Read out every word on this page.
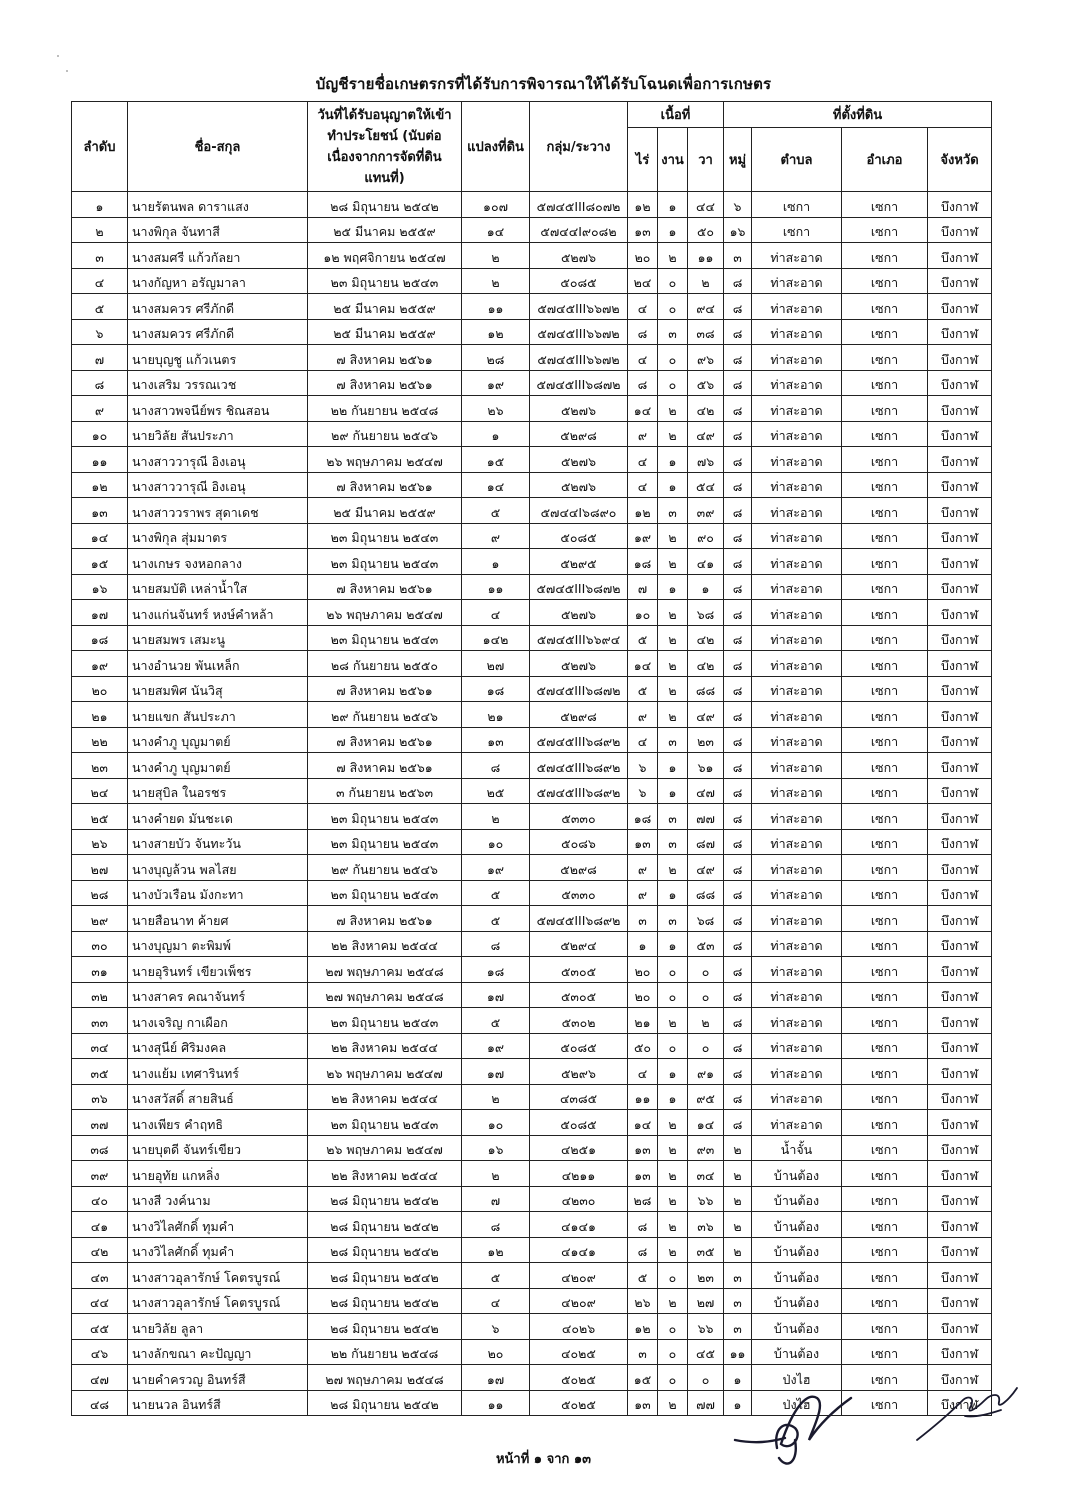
บัญชีรายชื่อเกษตรกรที่ได้รับการพิจารณาให้ได้รับโฉนดเพื่อการเกษตร
ลำดับ	ชื่อ-สกุล	วันที่ได้รับอนุญาตให้เข้าทำประโยชน์ (นับต่อเนื่องจากการจัดที่ดินแทนที่)	แปลงที่ดิน	กลุ่ม/ระวาง	เนื้อที่			ที่ตั้งที่ดิน			
					ไร่	งาน	วา	หมู่	ตำบล	อำเภอ	จังหวัด
๑	นายรัตนพล ดาราแสง	๒๘ มิถุนายน ๒๕๔๒	๑๐๗	๕๗๔๕III๘๐๗๒	๑๒	๑	๔๔	๖	เซกา	เซกา	บึงกาฬ
๒	นางพิกุล จันทาสี	๒๕ มีนาคม ๒๕๕๙	๑๔	๕๗๔๔I๙๐๘๒	๑๓	๑	๕๐	๑๖	เซกา	เซกา	บึงกาฬ
๓	นางสมศรี แก้วกัลยา	๑๒ พฤศจิกายน ๒๕๔๗	๒	๕๒๗๖	๒๐	๒	๑๑	๓	ท่าสะอาด	เซกา	บึงกาฬ
๔	นางกัญหา อรัญมาลา	๒๓ มิถุนายน ๒๕๔๓	๒	๕๐๘๕	๒๔	๐	๒	๘	ท่าสะอาด	เซกา	บึงกาฬ
๕	นางสมควร ศรีภักดี	๒๕ มีนาคม ๒๕๕๙	๑๑	๕๗๔๕III๖๖๗๒	๔	๐	๙๔	๘	ท่าสะอาด	เซกา	บึงกาฬ
๖	นางสมควร ศรีภักดี	๒๕ มีนาคม ๒๕๕๙	๑๒	๕๗๔๕III๖๖๗๒	๘	๓	๓๘	๘	ท่าสะอาด	เซกา	บึงกาฬ
๗	นายบุญชู แก้วเนตร	๗ สิงหาคม ๒๕๖๑	๒๘	๕๗๔๕III๖๖๗๒	๔	๐	๙๖	๘	ท่าสะอาด	เซกา	บึงกาฬ
๘	นางเสริม วรรณเวช	๗ สิงหาคม ๒๕๖๑	๑๙	๕๗๔๕III๖๘๗๒	๘	๐	๕๖	๘	ท่าสะอาด	เซกา	บึงกาฬ
๙	นางสาวพจนีย์พร ชิณสอน	๒๒ กันยายน ๒๕๔๘	๒๖	๕๒๗๖	๑๔	๒	๔๒	๘	ท่าสะอาด	เซกา	บึงกาฬ
๑๐	นายวิลัย สันประภา	๒๙ กันยายน ๒๕๔๖	๑	๕๒๙๘	๙	๒	๔๙	๘	ท่าสะอาด	เซกา	บึงกาฬ
๑๑	นางสาววารุณี อิงเอนุ	๒๖ พฤษภาคม ๒๕๔๗	๑๕	๕๒๗๖	๔	๑	๗๖	๘	ท่าสะอาด	เซกา	บึงกาฬ
๑๒	นางสาววารุณี อิงเอนุ	๗ สิงหาคม ๒๕๖๑	๑๔	๕๒๗๖	๔	๑	๕๔	๘	ท่าสะอาด	เซกา	บึงกาฬ
๑๓	นางสาววราพร สุดาเดช	๒๕ มีนาคม ๒๕๕๙	๕	๕๗๔๔I๖๘๙๐	๑๒	๓	๓๙	๘	ท่าสะอาด	เซกา	บึงกาฬ
๑๔	นางพิกุล สุ่มมาตร	๒๓ มิถุนายน ๒๕๔๓	๙	๕๐๘๕	๑๙	๒	๙๐	๘	ท่าสะอาด	เซกา	บึงกาฬ
๑๕	นางเกษร จงหอกลาง	๒๓ มิถุนายน ๒๕๔๓	๑	๕๒๙๕	๑๘	๒	๔๑	๘	ท่าสะอาด	เซกา	บึงกาฬ
๑๖	นายสมบัติ เหล่าน้ำใส	๗ สิงหาคม ๒๕๖๑	๑๑	๕๗๔๕III๖๘๗๒	๗	๑	๑	๘	ท่าสะอาด	เซกา	บึงกาฬ
๑๗	นางแก่นจันทร์ หงษ์คำหล้า	๒๖ พฤษภาคม ๒๕๔๗	๔	๕๒๗๖	๑๐	๒	๖๘	๘	ท่าสะอาด	เซกา	บึงกาฬ
๑๘	นายสมพร เสมะนู	๒๓ มิถุนายน ๒๕๔๓	๑๔๒	๕๗๔๕III๖๖๙๔	๕	๒	๔๒	๘	ท่าสะอาด	เซกา	บึงกาฬ
๑๙	นางอำนวย พันเหล็ก	๒๘ กันยายน ๒๕๕๐	๒๗	๕๒๗๖	๑๔	๒	๔๒	๘	ท่าสะอาด	เซกา	บึงกาฬ
๒๐	นายสมพิศ นันวิสุ	๗ สิงหาคม ๒๕๖๑	๑๘	๕๗๔๕III๖๘๗๒	๕	๒	๘๘	๘	ท่าสะอาด	เซกา	บึงกาฬ
๒๑	นายแขก สันประภา	๒๙ กันยายน ๒๕๔๖	๒๑	๕๒๙๘	๙	๒	๔๙	๘	ท่าสะอาด	เซกา	บึงกาฬ
๒๒	นางคำภู บุญมาตย์	๗ สิงหาคม ๒๕๖๑	๑๓	๕๗๔๕III๖๘๙๒	๔	๓	๒๓	๘	ท่าสะอาด	เซกา	บึงกาฬ
๒๓	นางคำภู บุญมาตย์	๗ สิงหาคม ๒๕๖๑	๘	๕๗๔๕III๖๘๙๒	๖	๑	๖๑	๘	ท่าสะอาด	เซกา	บึงกาฬ
๒๔	นายสุบิล ในอรชร	๓ กันยายน ๒๕๖๓	๒๕	๕๗๔๕III๖๘๙๒	๖	๑	๔๗	๘	ท่าสะอาด	เซกา	บึงกาฬ
๒๕	นางคำยด มันชะเด	๒๓ มิถุนายน ๒๕๔๓	๒	๕๓๓๐	๑๘	๓	๗๗	๘	ท่าสะอาด	เซกา	บึงกาฬ
๒๖	นางสายบัว จันทะวัน	๒๓ มิถุนายน ๒๕๔๓	๑๐	๕๐๘๖	๑๓	๓	๘๗	๘	ท่าสะอาด	เซกา	บึงกาฬ
๒๗	นางบุญล้วน พลไสย	๒๙ กันยายน ๒๕๔๖	๑๙	๕๒๙๘	๙	๒	๔๙	๘	ท่าสะอาด	เซกา	บึงกาฬ
๒๘	นางบัวเรือน มังกะทา	๒๓ มิถุนายน ๒๕๔๓	๕	๕๓๓๐	๙	๑	๘๘	๘	ท่าสะอาด	เซกา	บึงกาฬ
๒๙	นายสือนาท ค้ายศ	๗ สิงหาคม ๒๕๖๑	๕	๕๗๔๕III๖๘๙๒	๓	๓	๖๘	๘	ท่าสะอาด	เซกา	บึงกาฬ
๓๐	นางบุญมา ตะพิมพ์	๒๒ สิงหาคม ๒๕๔๔	๘	๕๒๙๔	๑	๑	๕๓	๘	ท่าสะอาด	เซกา	บึงกาฬ
๓๑	นายอุรินทร์ เขียวเพ็ชร	๒๗ พฤษภาคม ๒๕๔๘	๑๘	๕๓๐๕	๒๐	๐	๐	๘	ท่าสะอาด	เซกา	บึงกาฬ
๓๒	นางสาคร คณาจันทร์	๒๗ พฤษภาคม ๒๕๔๘	๑๗	๕๓๐๕	๒๐	๐	๐	๘	ท่าสะอาด	เซกา	บึงกาฬ
๓๓	นางเจริญ กาเผือก	๒๓ มิถุนายน ๒๕๔๓	๕	๕๓๐๒	๒๑	๒	๒	๘	ท่าสะอาด	เซกา	บึงกาฬ
๓๔	นางสุนีย์ ศิริมงคล	๒๒ สิงหาคม ๒๕๔๔	๑๙	๕๐๘๕	๕๐	๐	๐	๘	ท่าสะอาด	เซกา	บึงกาฬ
๓๕	นางแย้ม เทศารินทร์	๒๖ พฤษภาคม ๒๕๔๗	๑๗	๕๒๙๖	๔	๑	๙๑	๘	ท่าสะอาด	เซกา	บึงกาฬ
๓๖	นางสวัสดิ์ สายสินธ์	๒๒ สิงหาคม ๒๕๔๔	๒	๔๓๘๕	๑๑	๑	๙๕	๘	ท่าสะอาด	เซกา	บึงกาฬ
๓๗	นางเพียร คำฤทธิ	๒๓ มิถุนายน ๒๕๔๓	๑๐	๕๐๘๕	๑๔	๒	๑๔	๘	ท่าสะอาด	เซกา	บึงกาฬ
๓๘	นายบุตดี จันทร์เขียว	๒๖ พฤษภาคม ๒๕๔๗	๑๖	๔๒๕๑	๑๓	๒	๙๓	๒	น้ำจั้น	เซกา	บึงกาฬ
๓๙	นายอุทัย แกหลิ่ง	๒๒ สิงหาคม ๒๕๔๔	๒	๔๒๑๑	๑๓	๒	๓๔	๒	บ้านต้อง	เซกา	บึงกาฬ
๔๐	นางสี วงค์นาม	๒๘ มิถุนายน ๒๕๔๒	๗	๔๒๓๐	๒๘	๒	๖๖	๒	บ้านต้อง	เซกา	บึงกาฬ
๔๑	นางวิไลศักดิ์ ทุมคำ	๒๘ มิถุนายน ๒๕๔๒	๘	๔๑๔๑	๘	๒	๓๖	๒	บ้านต้อง	เซกา	บึงกาฬ
๔๒	นางวิไลศักดิ์ ทุมคำ	๒๘ มิถุนายน ๒๕๔๒	๑๒	๔๑๔๑	๘	๒	๓๕	๒	บ้านต้อง	เซกา	บึงกาฬ
๔๓	นางสาวอุลารักษ์ โคตรบูรณ์	๒๘ มิถุนายน ๒๕๔๒	๕	๔๒๐๙	๕	๐	๒๓	๓	บ้านต้อง	เซกา	บึงกาฬ
๔๔	นางสาวอุลารักษ์ โคตรบูรณ์	๒๘ มิถุนายน ๒๕๔๒	๔	๔๒๐๙	๒๖	๒	๒๗	๓	บ้านต้อง	เซกา	บึงกาฬ
๔๕	นายวิลัย ลูลา	๒๘ มิถุนายน ๒๕๔๒	๖	๔๐๒๖	๑๒	๐	๖๖	๓	บ้านต้อง	เซกา	บึงกาฬ
๔๖	นางลักขณา คะปัญญา	๒๒ กันยายน ๒๕๔๘	๒๐	๔๐๒๕	๓	๐	๔๕	๑๑	บ้านต้อง	เซกา	บึงกาฬ
๔๗	นายคำครวญ อินทร์สี	๒๗ พฤษภาคม ๒๕๔๘	๑๗	๕๐๒๕	๑๕	๐	๐	๑	ป่งไฮ	เซกา	บึงกาฬ
๔๘	นายนวล อินทร์สี	๒๘ มิถุนายน ๒๕๔๒	๑๑	๕๐๒๕	๑๓	๒	๗๗	๑	ป่งไฮ	เซกา	บึงกาฬ
หน้าที่ ๑ จาก ๑๓
